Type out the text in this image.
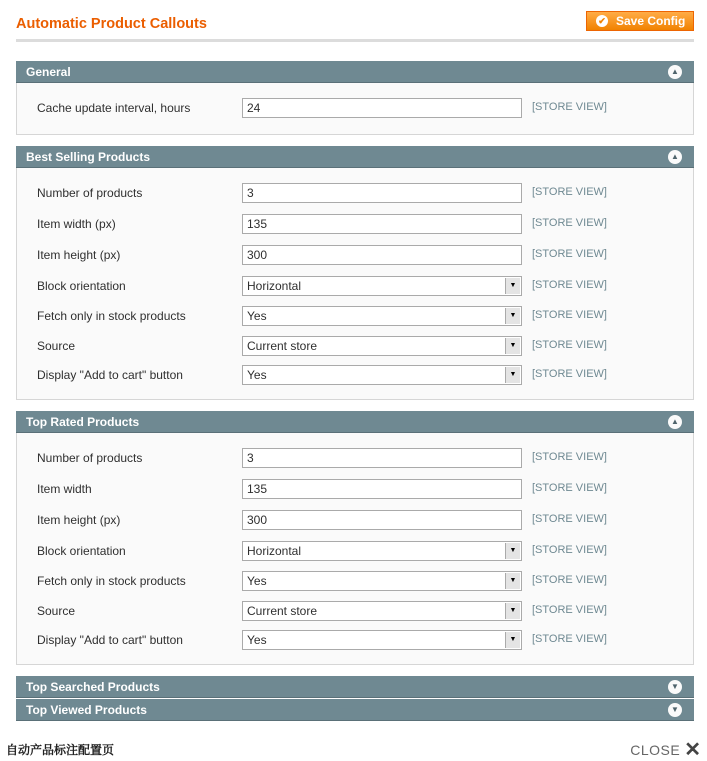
Automatic Product Callouts	✔ Save Config
General	▲
Cache update interval, hours	24	[STORE VIEW]
Best Selling Products	▲
Number of products	3	[STORE VIEW]
Item width (px)	135	[STORE VIEW]
Item height (px)	300	[STORE VIEW]
Block orientation	Horizontal	▼	[STORE VIEW]
Fetch only in stock products	Yes	▼	[STORE VIEW]
Source	Current store	▼	[STORE VIEW]
Display "Add to cart" button	Yes	▼	[STORE VIEW]
Top Rated Products	▲
Number of products	3	[STORE VIEW]
Item width	135	[STORE VIEW]
Item height (px)	300	[STORE VIEW]
Block orientation	Horizontal	▼	[STORE VIEW]
Fetch only in stock products	Yes	▼	[STORE VIEW]
Source	Current store	▼	[STORE VIEW]
Display "Add to cart" button	Yes	▼	[STORE VIEW]
Top Searched Products	▼
Top Viewed Products	▼
自动产品标注配置页	CLOSE ✕
